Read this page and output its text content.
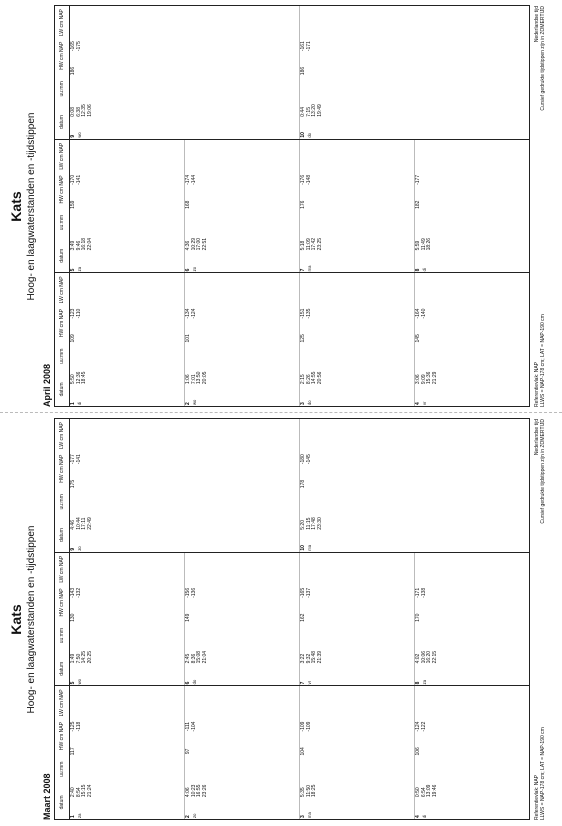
Kats Hoog- en laagwaterstanden en -tijdstippen
April 2008 datum
uu:mm
HW cm NAP
LW cm NAP
1 di
5:50
12:36
18:45
109
-123
-110
2 wo
1:06
7:01
13:50
20:05
101
-134
-124
3 do
2:15
8:26
14:55
20:56
125
-151
-135
4 vr
3:06
9:09
15:36
21:29
145
-164
-140
datum
uu:mm
HW cm NAP
LW cm NAP
5 za
3:49
9:46
16:18
22:04
159
-170
-141
6 zo
4:36
10:29
17:00
22:51
168
-174
-144
7 ma
5:18
11:09
17:42
23:25
176
-176
-148
8 di
5:59
11:49
18:26
182
-177
datum
uu:mm
HW cm NAP
LW cm NAP
9 wo
0:08
6:38
12:35
19:06
186
-165
-175
10 do
0:44
7:15
13:20
19:49
186
-161
-171
Referentievlak: NAP
LLWS = NAP-178 cm; LAT = NAP-190 cm
Nederlandse tijd
Cursief gedrukte tijdstippen zijn in ZOMERTIJD
Kats Hoog- en laagwaterstanden en -tijdstippen
Maart 2008 datum
uu:mm
HW cm NAP
LW cm NAP
1 za
2:40
8:54
15:15
21:24
117
-125
-118
2 zo
4:06
10:23
16:55
23:26
97
-111
-104
3 ma
5:35
11:50
18:25
104
-109
-109
4 di
0:50
6:54
13:09
19:46
106
-124
-122
datum
uu:mm
HW cm NAP
LW cm NAP
5 wo
1:49
7:50
14:25
20:25
130
-143
-132
6 do
2:45
8:36
15:08
21:04
149
-156
-136
7 vr
3:22
9:32
15:48
21:39
162
-165
-137
8 za
4:02
10:06
16:20
22:15
170
-171
-138
datum
uu:mm
HW cm NAP
LW cm NAP
9 zo
4:46
10:44
17:11
22:49
175
-177
-141
10 ma
5:20
11:15
17:48
23:30
178
-180
-145
Referentievlak: NAP
LLWS = NAP-178 cm; LAT = NAP-190 cm
Nederlandse tijd
Cursief gedrukte tijdstippen zijn in ZOMERTIJD
